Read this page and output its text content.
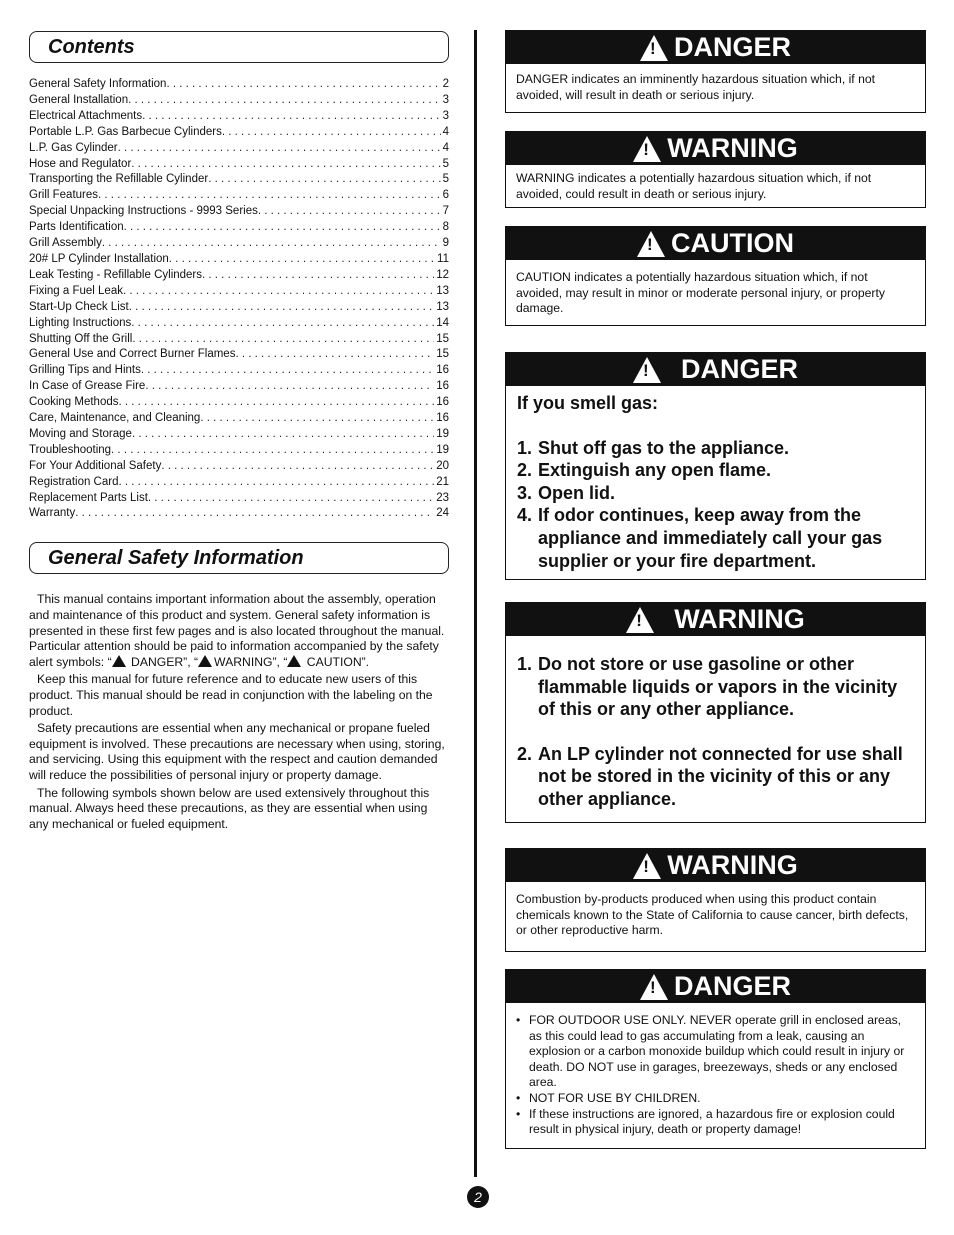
Contents
General Safety Information . . .	2
General Installation . . .	3
Electrical Attachments . . .	3
Portable L.P. Gas Barbecue Cylinders . . .	4
L.P. Gas Cylinder . . .	4
Hose and Regulator . . .	5
Transporting the Refillable Cylinder . . .	5
Grill Features . . .	6
Special Unpacking Instructions - 9993 Series . . .	7
Parts Identification . . .	8
Grill Assembly . . .	9
20# LP Cylinder Installation . . .	11
Leak Testing - Refillable Cylinders . . .	12
Fixing a Fuel Leak . . .	13
Start-Up Check List . . .	13
Lighting Instructions . . .	14
Shutting Off the Grill . . .	15
General Use and Correct Burner Flames . . .	15
Grilling Tips and Hints . . .	16
In Case of Grease Fire . . .	16
Cooking Methods . . .	16
Care, Maintenance, and Cleaning . . .	16
Moving and Storage . . .	19
Troubleshooting . . .	19
For Your Additional Safety . . .	20
Registration Card . . .	21
Replacement Parts List . . .	23
Warranty . . .	24
General Safety Information

This manual contains important information about the assembly, operation and maintenance of this product and system. General safety information is presented in these first few pages and is also located throughout the manual. Particular attention should be paid to information accompanied by the safety alert symbols: “ DANGER”, “ WARNING”, “ CAUTION”.

Keep this manual for future reference and to educate new users of this product. This manual should be read in conjunction with the labeling on the product.

Safety precautions are essential when any mechanical or propane fueled equipment is involved. These precautions are necessary when using, storing, and servicing. Using this equipment with the respect and caution demanded will reduce the possibilities of personal injury or property damage.

The following symbols shown below are used extensively throughout this manual. Always heed these precautions, as they are essential when using any mechanical or fueled equipment.

2
!
DANGER
DANGER indicates an imminently hazardous situation which, if not avoided, will result in death or serious injury.
!
WARNING
WARNING indicates a potentially hazardous situation which, if not avoided, could result in death or serious injury.
!
CAUTION
CAUTION indicates a potentially hazardous situation which, if not avoided, may result in minor or moderate personal injury, or property damage.
!
DANGER
If you smell gas:
1. Shut off gas to the appliance.
2. Extinguish any open flame.
3. Open lid.
4. If odor continues, keep away from the appliance and immediately call your gas supplier or your fire department.
!
WARNING
1. Do not store or use gasoline or other flammable liquids or vapors in the vicinity of this or any other appliance.
2. An LP cylinder not connected for use shall not be stored in the vicinity of this or any other appliance.
!
WARNING
Combustion by-products produced when using this product contain chemicals known to the State of California to cause cancer, birth defects, or other reproductive harm.
!
DANGER
• FOR OUTDOOR USE ONLY. NEVER operate grill in enclosed areas, as this could lead to gas accumulating from a leak, causing an explosion or a carbon monoxide buildup which could result in injury or death. DO NOT use in garages, breezeways, sheds or any enclosed area.
• NOT FOR USE BY CHILDREN.
• If these instructions are ignored, a hazardous fire or explosion could result in physical injury, death or property damage!
